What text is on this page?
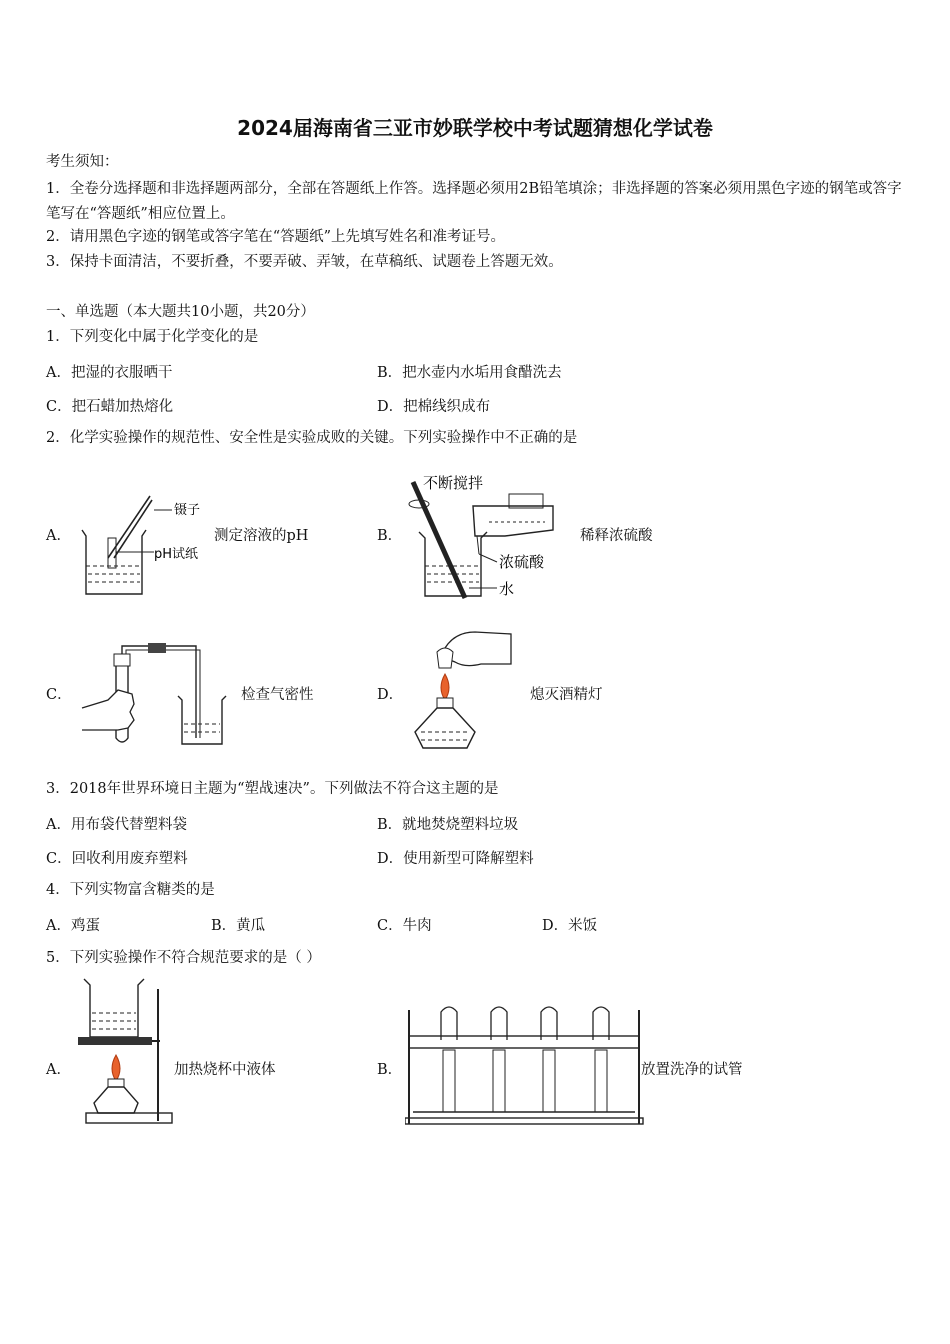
2024届海南省三亚市妙联学校中考试题猜想化学试卷
考生须知：
1．全卷分选择题和非选择题两部分，全部在答题纸上作答。选择题必须用2B铅笔填涂；非选择题的答案必须用黑色字迹的钢笔或答字笔写在“答题纸”相应位置上。
2．请用黑色字迹的钢笔或答字笔在“答题纸”上先填写姓名和准考证号。
3．保持卡面清洁，不要折叠，不要弄破、弄皱，在草稿纸、试题卷上答题无效。
一、单选题（本大题共10小题，共20分）
1．下列变化中属于化学变化的是
A．把湿的衣服晒干	B．把水壶内水垢用食醋洗去
C．把石蜡加热熔化	D．把棉线织成布
2．化学实验操作的规范性、安全性是实验成败的关键。下列实验操作中不正确的是
A．
镊子
pH试纸
测定溶液的pH	B．
不断搅拌
浓硫酸
水
稀释浓硫酸
C．	检查气密性	D．	熄灭酒精灯
3．2018年世界环境日主题为“塑战速决”。下列做法不符合这主题的是
A．用布袋代替塑料袋	B．就地焚烧塑料垃圾
C．回收利用废弃塑料	D．使用新型可降解塑料
4．下列实物富含糖类的是
A．鸡蛋	B．黄瓜	C．牛肉	D．米饭
5．下列实验操作不符合规范要求的是（ ）
A．	加热烧杯中液体	B．	放置洗净的试管
